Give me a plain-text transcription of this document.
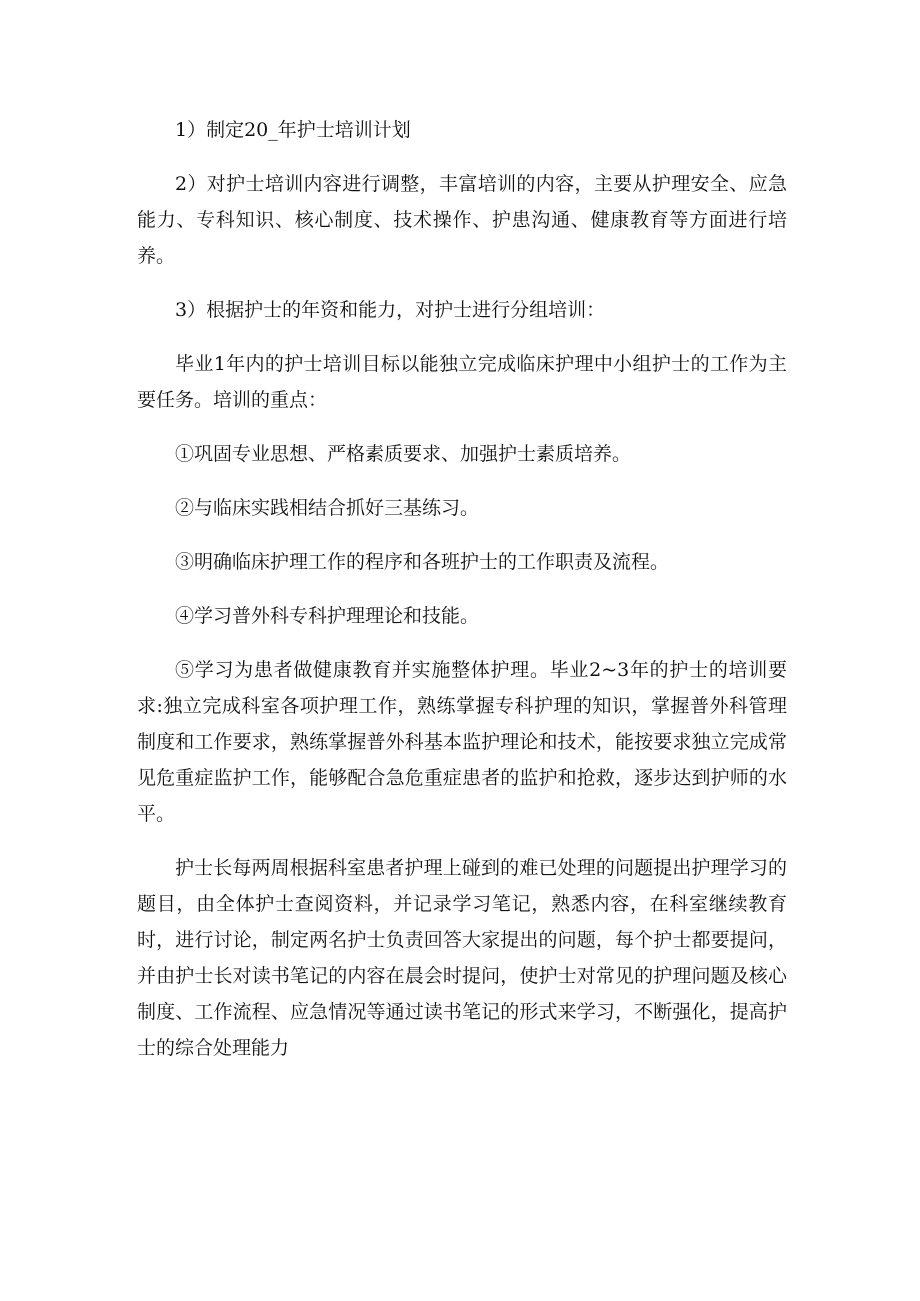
1）制定20_年护士培训计划

2）对护士培训内容进行调整，丰富培训的内容，主要从护理安全、应急能力、专科知识、核心制度、技术操作、护患沟通、健康教育等方面进行培养。

3）根据护士的年资和能力，对护士进行分组培训：

毕业1年内的护士培训目标以能独立完成临床护理中小组护士的工作为主要任务。培训的重点：

①巩固专业思想、严格素质要求、加强护士素质培养。

②与临床实践相结合抓好三基练习。

③明确临床护理工作的程序和各班护士的工作职责及流程。

④学习普外科专科护理理论和技能。

⑤学习为患者做健康教育并实施整体护理。毕业2~3年的护士的培训要求:独立完成科室各项护理工作，熟练掌握专科护理的知识，掌握普外科管理制度和工作要求，熟练掌握普外科基本监护理论和技术，能按要求独立完成常见危重症监护工作，能够配合急危重症患者的监护和抢救，逐步达到护师的水平。

护士长每两周根据科室患者护理上碰到的难已处理的问题提出护理学习的题目，由全体护士查阅资料，并记录学习笔记，熟悉内容，在科室继续教育时，进行讨论，制定两名护士负责回答大家提出的问题，每个护士都要提问，并由护士长对读书笔记的内容在晨会时提问，使护士对常见的护理问题及核心制度、工作流程、应急情况等通过读书笔记的形式来学习，不断强化，提高护士的综合处理能力
